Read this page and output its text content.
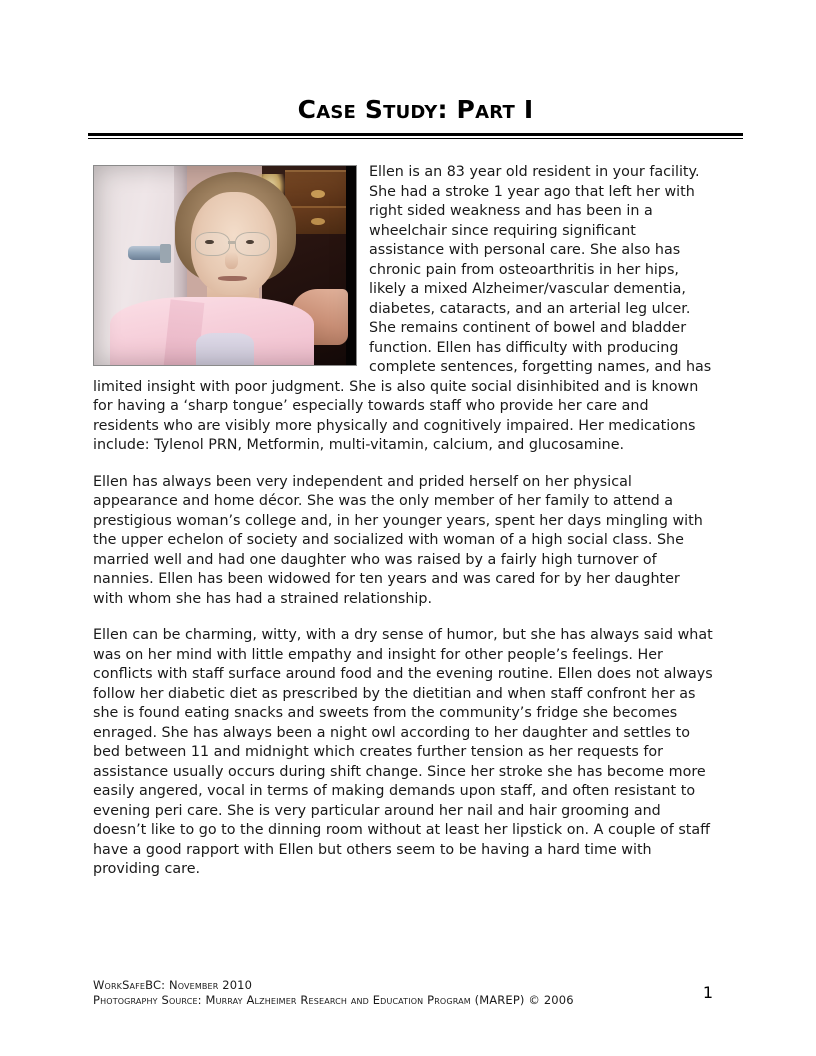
Case Study: Part I

Ellen is an 83 year old resident in your facility. She had a stroke 1 year ago that left her with right sided weakness and has been in a wheelchair since requiring significant assistance with personal care. She also has chronic pain from osteoarthritis in her hips, likely a mixed Alzheimer/vascular dementia, diabetes, cataracts, and an arterial leg ulcer. She remains continent of bowel and bladder function. Ellen has difficulty with producing complete sentences, forgetting names, and has limited insight with poor judgment. She is also quite social disinhibited and is known for having a ‘sharp tongue’ especially towards staff who provide her care and residents who are visibly more physically and cognitively impaired. Her medications include: Tylenol PRN, Metformin, multi-vitamin, calcium, and glucosamine.

Ellen has always been very independent and prided herself on her physical appearance and home décor. She was the only member of her family to attend a prestigious woman’s college and, in her younger years, spent her days mingling with the upper echelon of society and socialized with woman of a high social class. She married well and had one daughter who was raised by a fairly high turnover of nannies. Ellen has been widowed for ten years and was cared for by her daughter with whom she has had a strained relationship.

Ellen can be charming, witty, with a dry sense of humor, but she has always said what was on her mind with little empathy and insight for other people’s feelings. Her conflicts with staff surface around food and the evening routine. Ellen does not always follow her diabetic diet as prescribed by the dietitian and when staff confront her as she is found eating snacks and sweets from the community’s fridge she becomes enraged. She has always been a night owl according to her daughter and settles to bed between 11 and midnight which creates further tension as her requests for assistance usually occurs during shift change. Since her stroke she has become more easily angered, vocal in terms of making demands upon staff, and often resistant to evening peri care. She is very particular around her nail and hair grooming and doesn’t like to go to the dinning room without at least her lipstick on. A couple of staff have a good rapport with Ellen but others seem to be having a hard time with providing care.

WorkSafeBC: November 2010

Photography Source: Murray Alzheimer Research and Education Program (MAREP) © 2006	1
